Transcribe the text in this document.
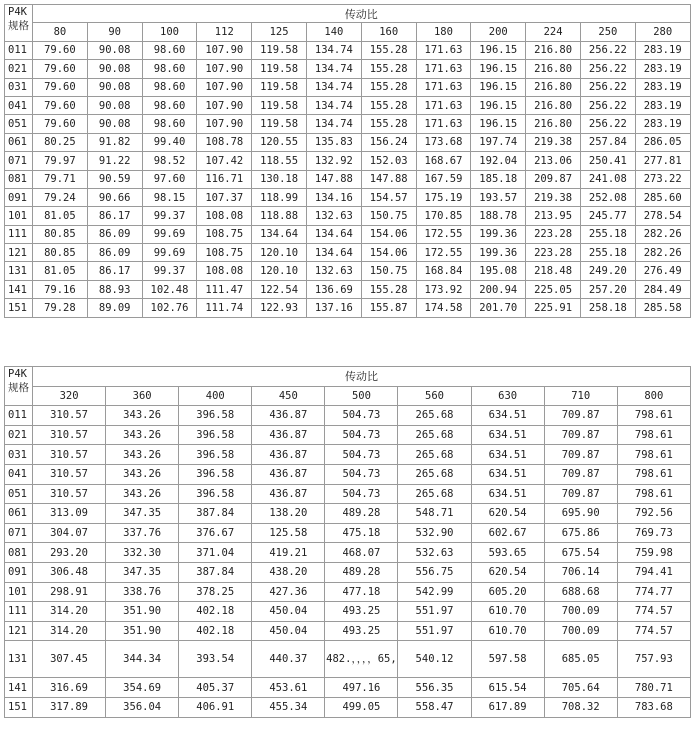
P4K
规格	传动比											
	80	90	100	112	125	140	160	180	200	224	250	280
011	79.60	90.08	98.60	107.90	119.58	134.74	155.28	171.63	196.15	216.80	256.22	283.19
021	79.60	90.08	98.60	107.90	119.58	134.74	155.28	171.63	196.15	216.80	256.22	283.19
031	79.60	90.08	98.60	107.90	119.58	134.74	155.28	171.63	196.15	216.80	256.22	283.19
041	79.60	90.08	98.60	107.90	119.58	134.74	155.28	171.63	196.15	216.80	256.22	283.19
051	79.60	90.08	98.60	107.90	119.58	134.74	155.28	171.63	196.15	216.80	256.22	283.19
061	80.25	91.82	99.40	108.78	120.55	135.83	156.24	173.68	197.74	219.38	257.84	286.05
071	79.97	91.22	98.52	107.42	118.55	132.92	152.03	168.67	192.04	213.06	250.41	277.81
081	79.71	90.59	97.60	116.71	130.18	147.88	147.88	167.59	185.18	209.87	241.08	273.22
091	79.24	90.66	98.15	107.37	118.99	134.16	154.57	175.19	193.57	219.38	252.08	285.60
101	81.05	86.17	99.37	108.08	118.88	132.63	150.75	170.85	188.78	213.95	245.77	278.54
111	80.85	86.09	99.69	108.75	134.64	134.64	154.06	172.55	199.36	223.28	255.18	282.26
121	80.85	86.09	99.69	108.75	120.10	134.64	154.06	172.55	199.36	223.28	255.18	282.26
131	81.05	86.17	99.37	108.08	120.10	132.63	150.75	168.84	195.08	218.48	249.20	276.49
141	79.16	88.93	102.48	111.47	122.54	136.69	155.28	173.92	200.94	225.05	257.20	284.49
151	79.28	89.09	102.76	111.74	122.93	137.16	155.87	174.58	201.70	225.91	258.18	285.58
P4K
规格	传动比								
	320	360	400	450	500	560	630	710	800
011	310.57	343.26	396.58	436.87	504.73	265.68	634.51	709.87	798.61
021	310.57	343.26	396.58	436.87	504.73	265.68	634.51	709.87	798.61
031	310.57	343.26	396.58	436.87	504.73	265.68	634.51	709.87	798.61
041	310.57	343.26	396.58	436.87	504.73	265.68	634.51	709.87	798.61
051	310.57	343.26	396.58	436.87	504.73	265.68	634.51	709.87	798.61
061	313.09	347.35	387.84	138.20	489.28	548.71	620.54	695.90	792.56
071	304.07	337.76	376.67	125.58	475.18	532.90	602.67	675.86	769.73
081	293.20	332.30	371.04	419.21	468.07	532.63	593.65	675.54	759.98
091	306.48	347.35	387.84	438.20	489.28	556.75	620.54	706.14	794.41
101	298.91	338.76	378.25	427.36	477.18	542.99	605.20	688.68	774.77
111	314.20	351.90	402.18	450.04	493.25	551.97	610.70	700.09	774.57
121	314.20	351.90	402.18	450.04	493.25	551.97	610.70	700.09	774.57
131	307.45	344.34	393.54	440.37	482.，，，，65,	540.12	597.58	685.05	757.93
141	316.69	354.69	405.37	453.61	497.16	556.35	615.54	705.64	780.71
151	317.89	356.04	406.91	455.34	499.05	558.47	617.89	708.32	783.68
